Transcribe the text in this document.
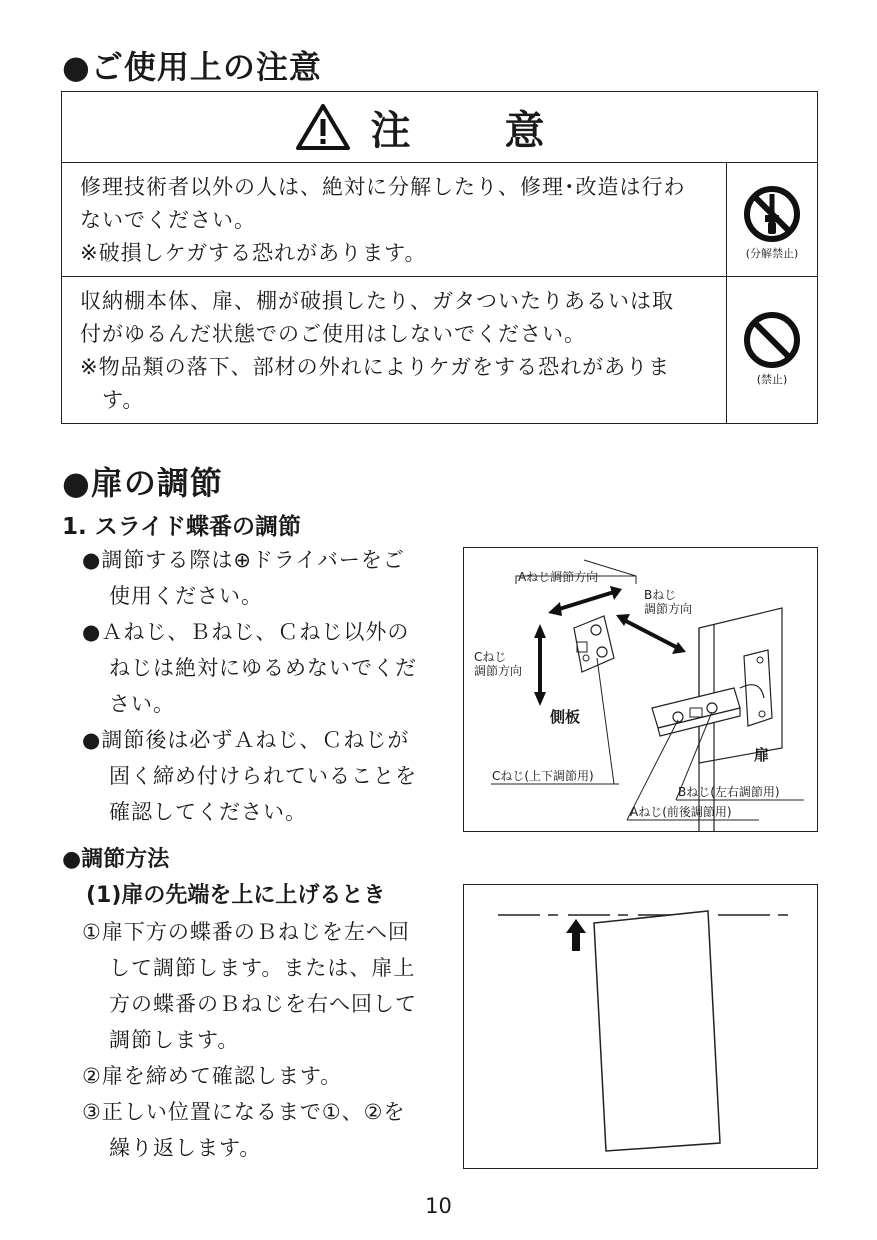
●ご使用上の注意
注 意
修理技術者以外の人は、絶対に分解したり、修理･改造は行わ
ないでください。
※破損しケガする恐れがあります。	(分解禁止)
収納棚本体、扉、棚が破損したり、ガタついたりあるいは取
付がゆるんだ状態でのご使用はしないでください。
※物品類の落下、部材の外れによりケガをする恐れがありま
す。
(禁止)
●扉の調節
1. スライド蝶番の調節
●調節する際は⊕ドライバーをご
使用ください。
●Ａねじ、Ｂねじ、Ｃねじ以外の
ねじは絶対にゆるめないでくだ
さい。
●調節後は必ずＡねじ、Ｃねじが
固く締め付けられていることを
確認してください。
Aねじ調節方向
Bねじ
調節方向
Cねじ
調節方向
側板
扉
Cねじ(上下調節用)
Bねじ(左右調節用)
Aねじ(前後調節用)
●調節方法
(1)扉の先端を上に上げるとき
①扉下方の蝶番のＢねじを左へ回
して調節します。または、扉上
方の蝶番のＢねじを右へ回して
調節します。
②扉を締めて確認します。
③正しい位置になるまで①、②を
繰り返します。
10
